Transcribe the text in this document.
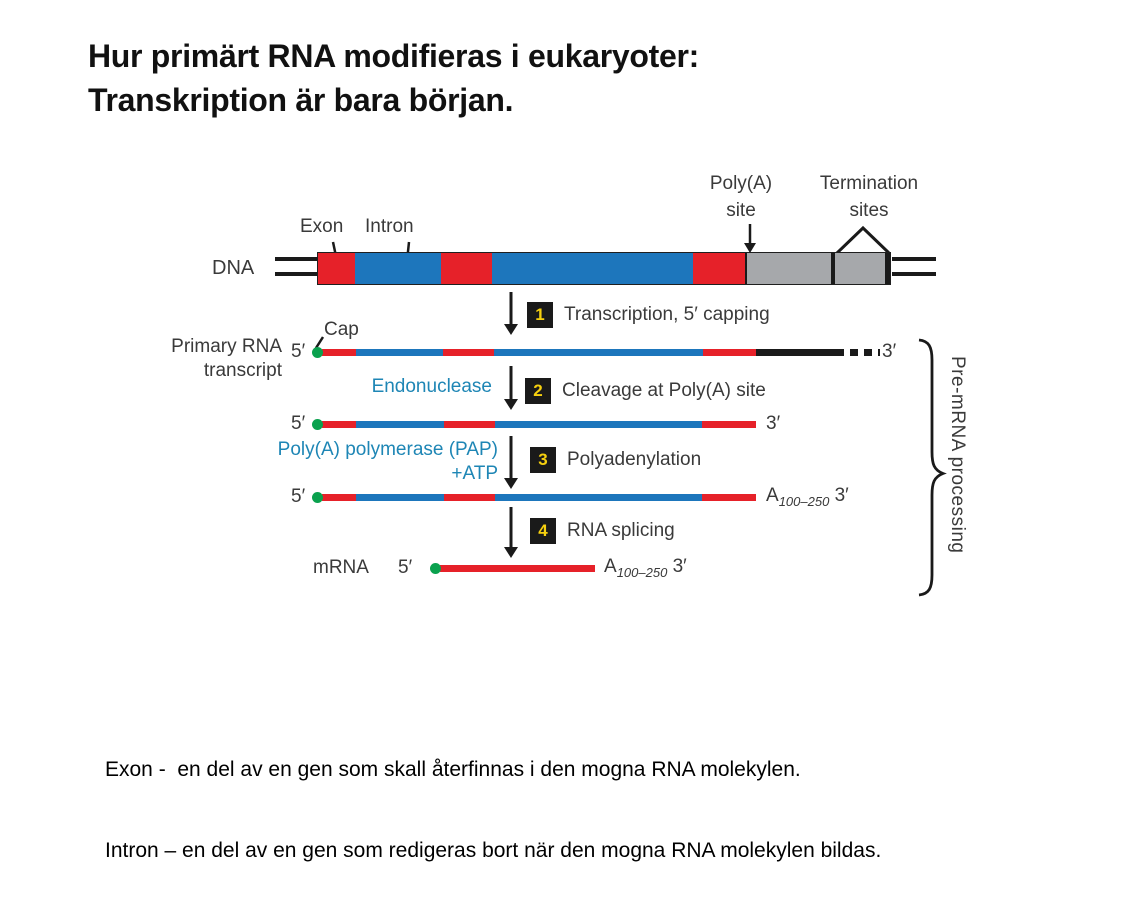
Hur primärt RNA modifieras i eukaryoter:
Transkription är bara början.
Poly(A)
site
Termination
sites
Exon Intron
DNA
1	Transcription, 5′ capping
2	Cleavage at Poly(A) site
3	Polyadenylation
4	RNA splicing
Endonuclease
Poly(A) polymerase (PAP)
+ATP
Primary RNA
transcript
Cap
mRNA
5′
5′
5′
5′
3′
3′
$A_{100-250}$ 3′
$A_{100-250}$ 3′
Pre-mRNA processing

Exon -  en del av en gen som skall återfinnas i den mogna RNA molekylen.

Intron – en del av en gen som redigeras bort när den mogna RNA molekylen bildas.
